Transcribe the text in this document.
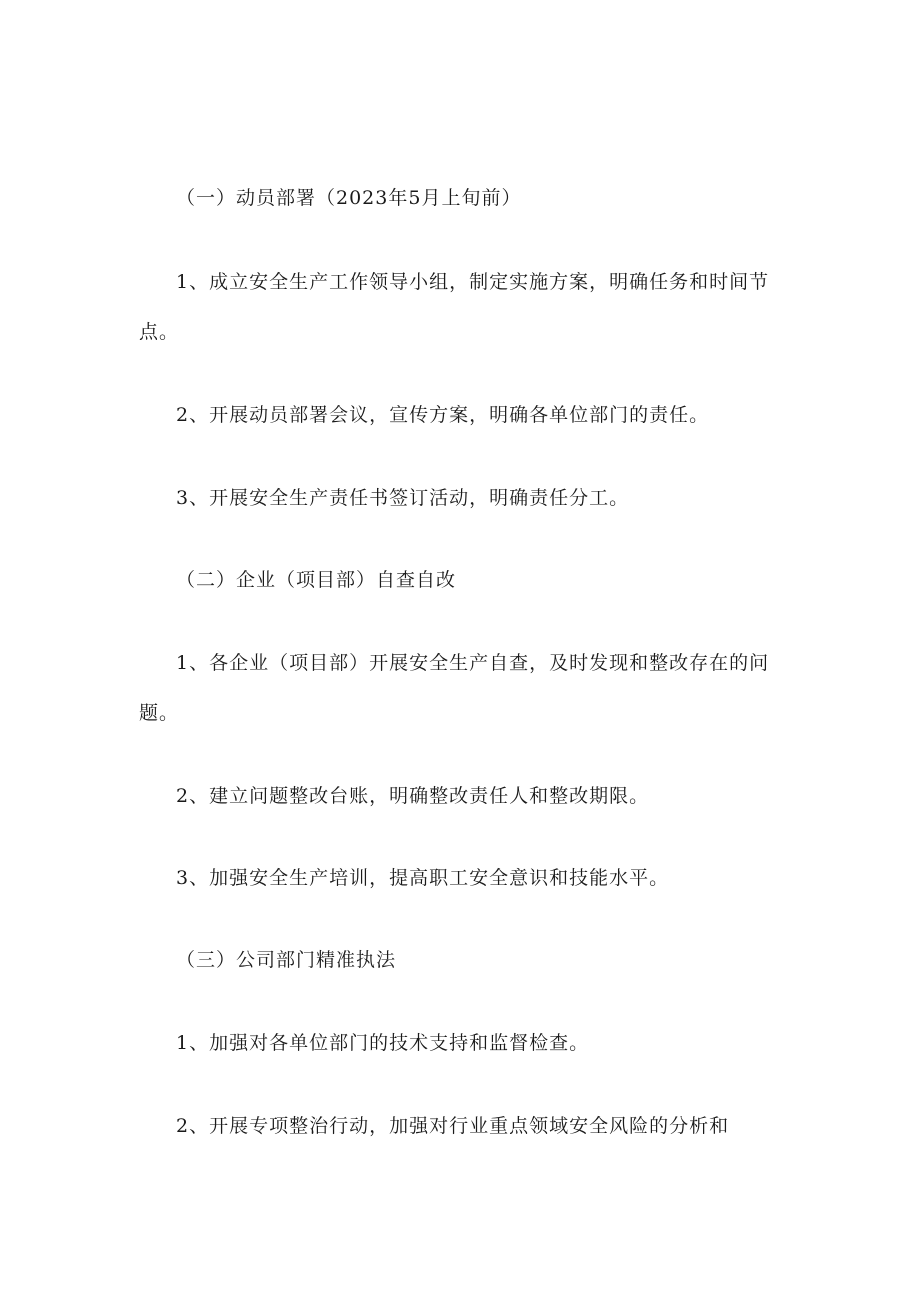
（一）动员部署（2023年5月上旬前）
1、成立安全生产工作领导小组，制定实施方案，明确任务和时间节
点。
2、开展动员部署会议，宣传方案，明确各单位部门的责任。
3、开展安全生产责任书签订活动，明确责任分工。
（二）企业（项目部）自查自改
1、各企业（项目部）开展安全生产自查，及时发现和整改存在的问
题。
2、建立问题整改台账，明确整改责任人和整改期限。
3、加强安全生产培训，提高职工安全意识和技能水平。
（三）公司部门精准执法
1、加强对各单位部门的技术支持和监督检查。
2、开展专项整治行动，加强对行业重点领域安全风险的分析和
